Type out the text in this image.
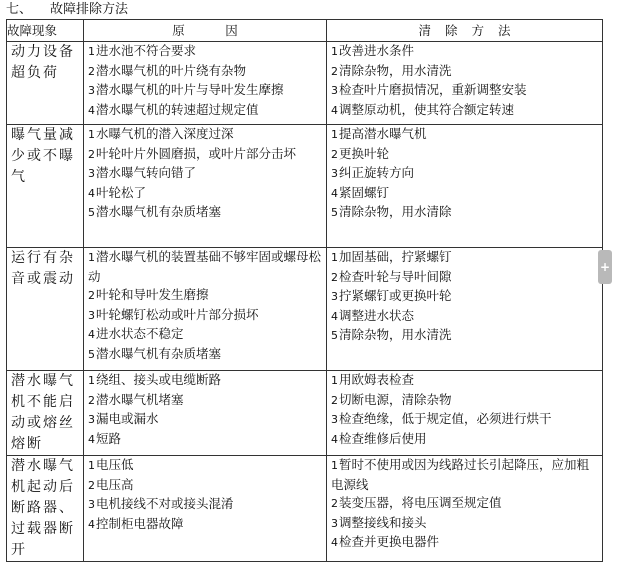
七、 故障排除方法
故障现象	原　因	清除方法
动力设备超负荷	1进水池不符合要求
2潜水曝气机的叶片绕有杂物
3潜水曝气机的叶片与导叶发生摩擦
4潜水曝气机的转速超过规定值	1改善进水条件
2清除杂物，用水清洗
3检查叶片磨损情况，重新调整安装
4调整原动机，使其符合额定转速

曝气量减少或不曝气	1水曝气机的潜入深度过深
2叶轮叶片外圆磨损，或叶片部分击坏
3潜水曝气转向错了
4叶轮松了
5潜水曝气机有杂质堵塞	1提高潜水曝气机
2更换叶轮
3纠正旋转方向
4紧固螺钉
5清除杂物，用水清除

运行有杂音或震动	1潜水曝气机的装置基础不够牢固或螺母松动
2叶轮和导叶发生磨擦
3叶轮螺钉松动或叶片部分损坏
4进水状态不稳定
5潜水曝气机有杂质堵塞	1加固基础，拧紧螺钉
2检查叶轮与导叶间隙
3拧紧螺钉或更换叶轮
4调整进水状态
5清除杂物，用水清洗

潜水曝气机不能启动或熔丝熔断	1绕组、接头或电缆断路
2潜水曝气机堵塞
3漏电或漏水
4短路	1用欧姆表检查
2切断电源，清除杂物
3检查绝缘，低于规定值，必须进行烘干
4检查维修后使用

潜水曝气机起动后断路器、过载器断开	1电压低
2电压高
3电机接线不对或接头混淆
4控制柜电器故障	1暂时不使用或因为线路过长引起降压，应加粗电源线
2装变压器，将电压调至规定值
3调整接线和接头
4检查并更换电器件
+
